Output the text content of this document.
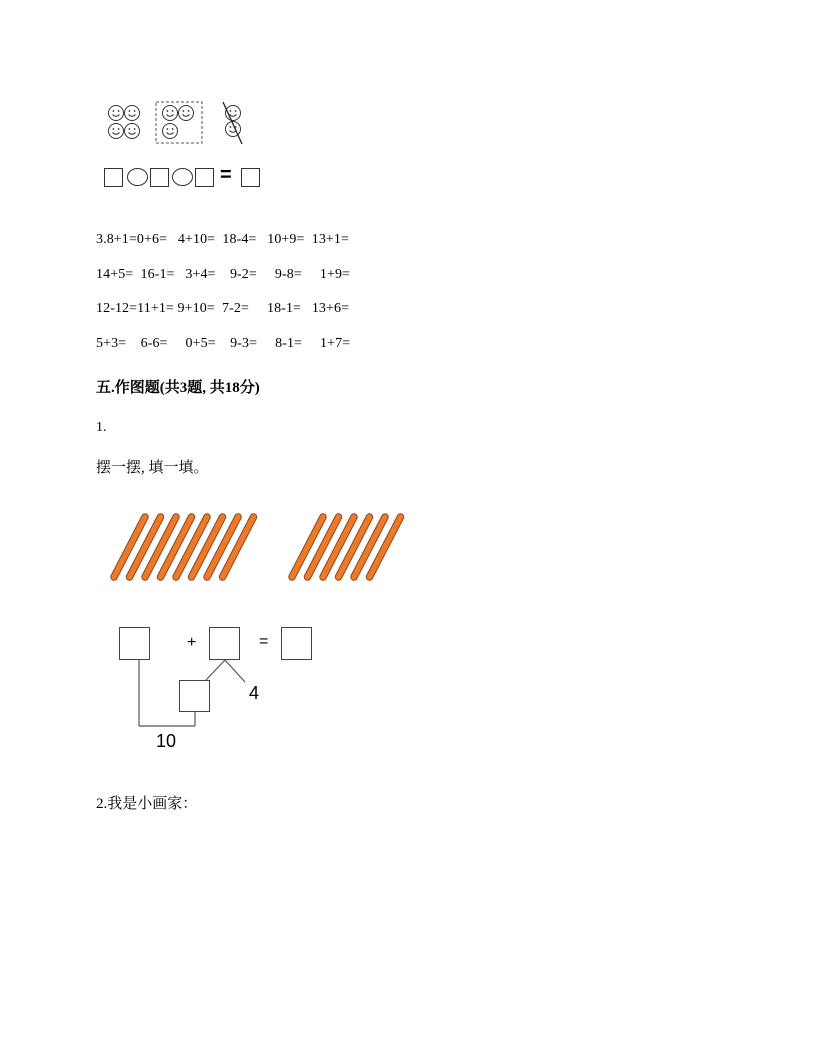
=
3.8+1=0+6=   4+10=  18-4=   10+9=  13+1=
14+5=  16-1=   3+4=    9-2=     9-8=     1+9=
12-12=11+1= 9+10=  7-2=     18-1=   13+6=
5+3=    6-6=     0+5=    9-3=     8-1=     1+7=
五.作图题(共3题, 共18分)
1.
摆一摆, 填一填。
+	=
4
10
2.我是小画家：
